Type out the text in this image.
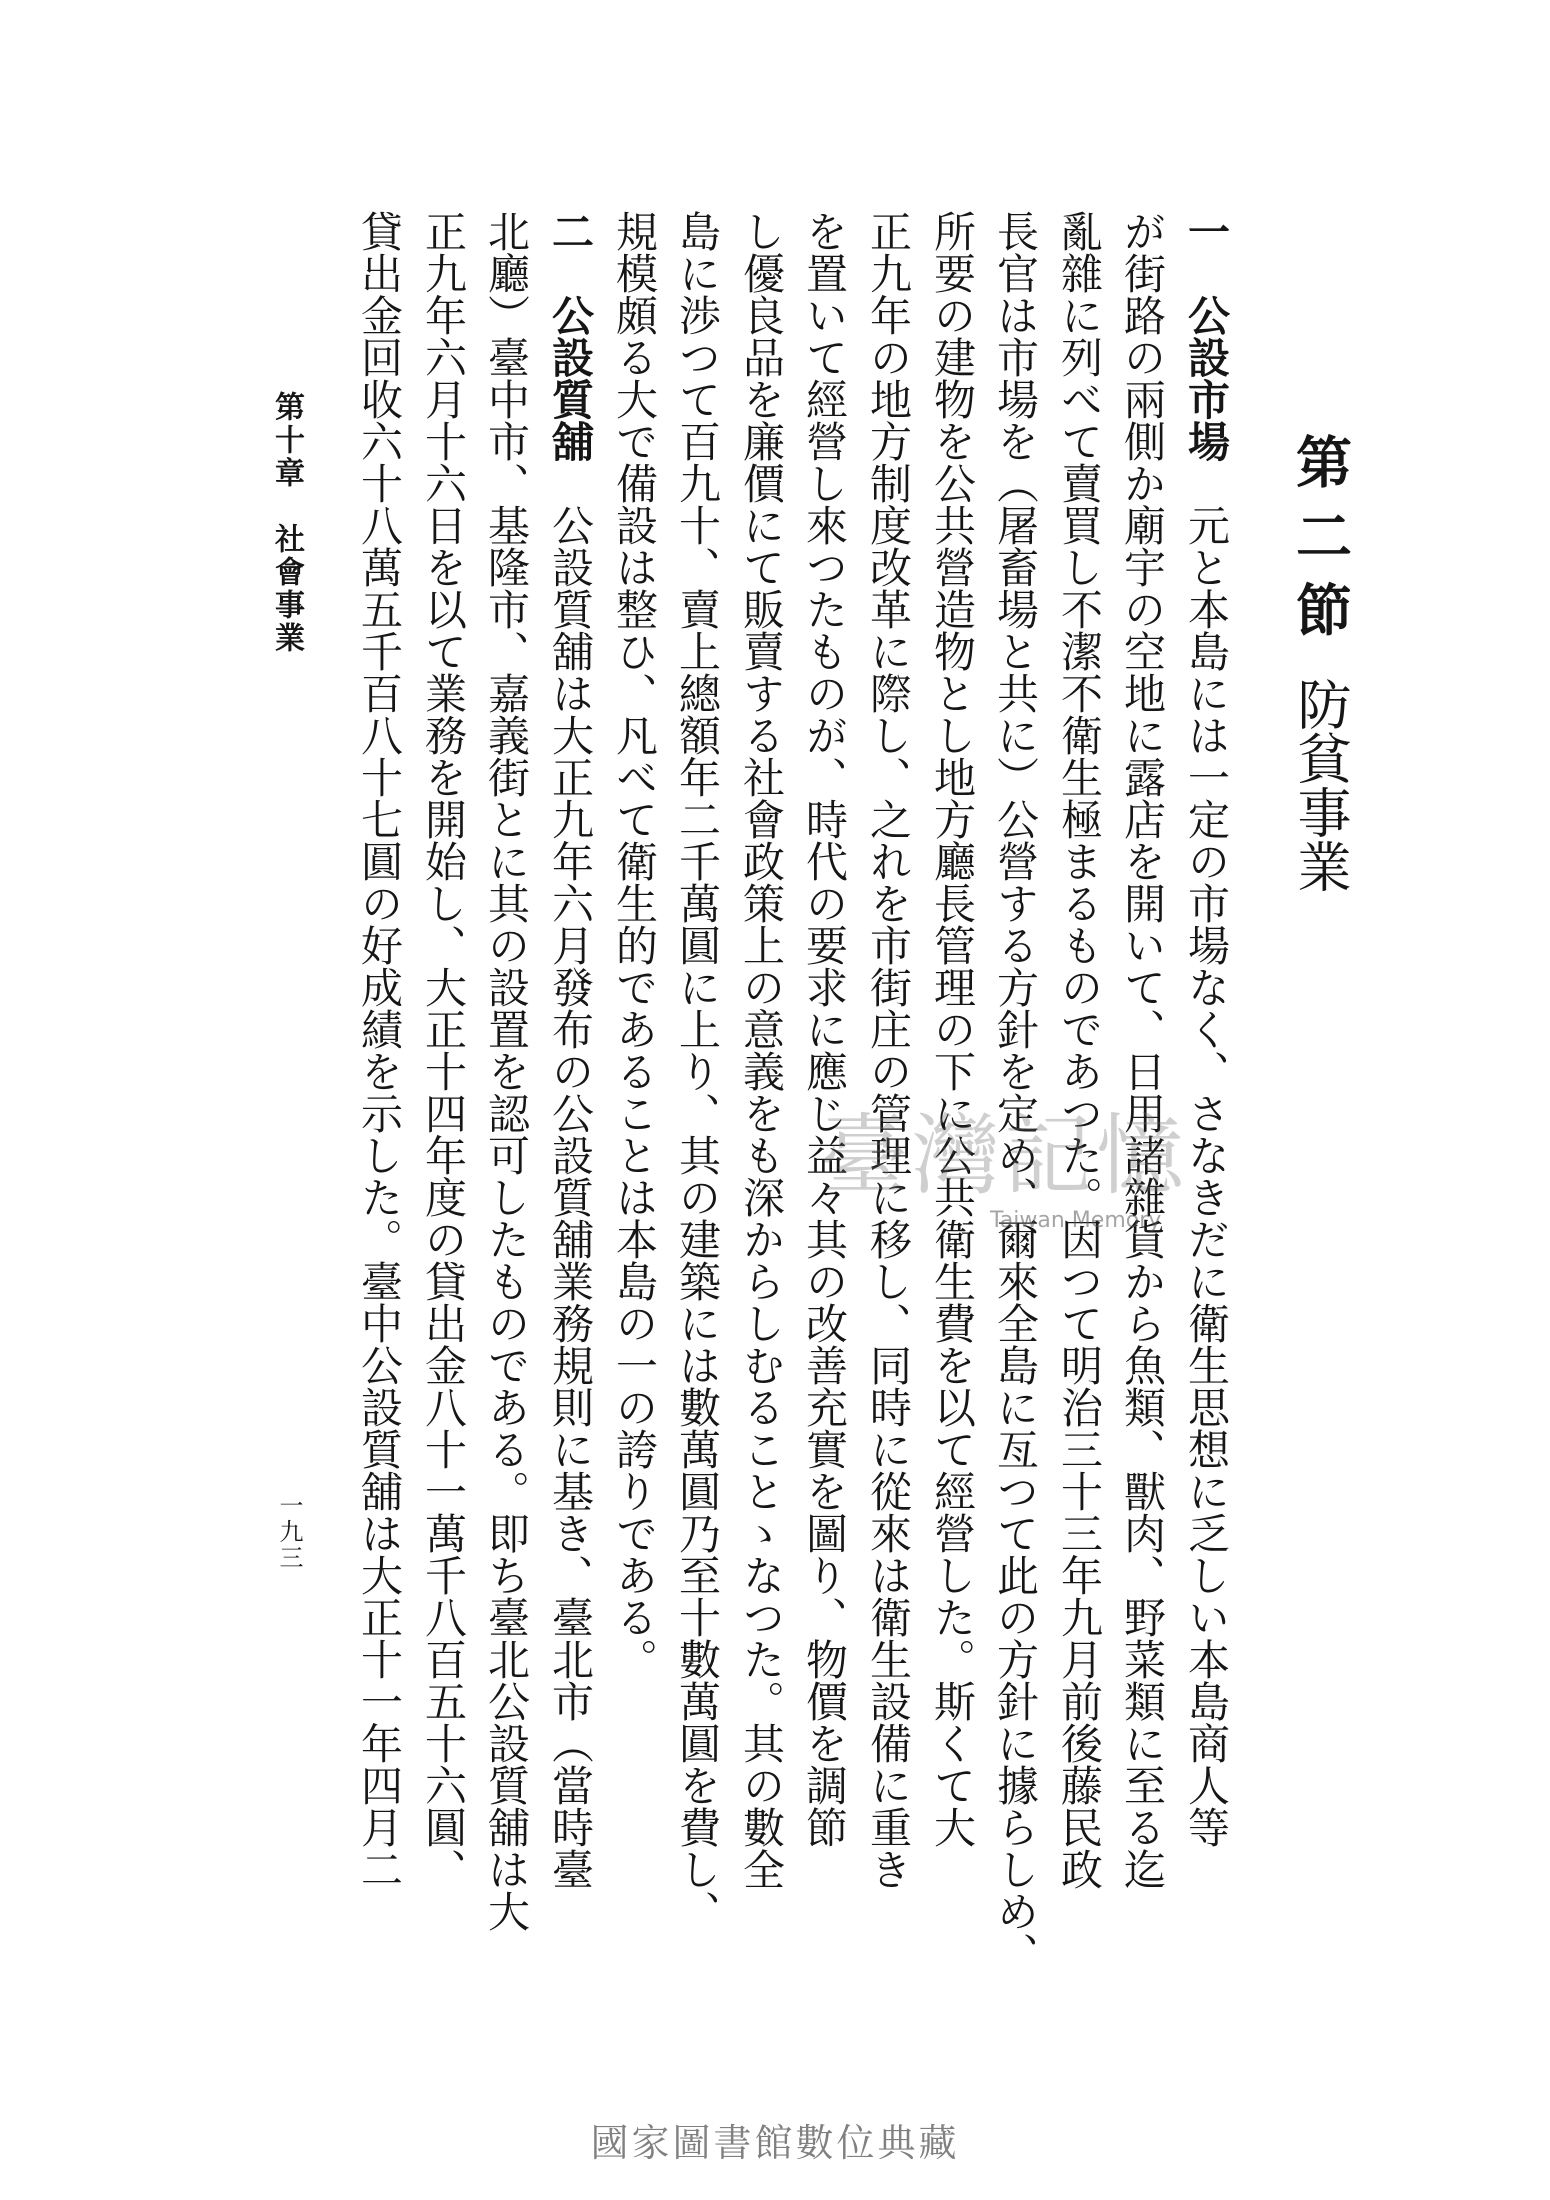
第二節防貧事業
一公設市場元と本島には一定の市場なく、さなきだに衛生思想に乏しい本島商人等
が街路の兩側か廟宇の空地に露店を開いて、日用諸雜貨から魚類、獸肉、野菜類に至る迄
亂雜に列べて賣買し不潔不衛生極まるものであつた。因つて明治三十三年九月前後藤民政
長官は市場を（屠畜場と共に）公營する方針を定め、爾來全島に亙つて此の方針に據らしめ、
所要の建物を公共營造物とし地方廳長管理の下に公共衛生費を以て經營した。斯くて大
正九年の地方制度改革に際し、之れを市街庄の管理に移し、同時に從來は衛生設備に重き
を置いて經營し來つたものが、時代の要求に應じ益々其の改善充實を圖り、物價を調節
し優良品を廉價にて販賣する社會政策上の意義をも深からしむることゝなつた。其の數全
島に渉つて百九十、賣上總額年二千萬圓に上り、其の建築には數萬圓乃至十數萬圓を費し、
規模頗る大で備設は整ひ、凡べて衛生的であることは本島の一の誇りである。
二公設質舖公設質舖は大正九年六月發布の公設質舖業務規則に基き、臺北市（當時臺
北廳）臺中市、基隆市、嘉義街とに其の設置を認可したものである。即ち臺北公設質舖は大
正九年六月十六日を以て業務を開始し、大正十四年度の貸出金八十一萬千八百五十六圓、
貸出金回收六十八萬五千百八十七圓の好成績を示した。臺中公設質舖は大正十一年四月二
第十章　社會事業
一九三
臺灣記憶
Taiwan Memory
國家圖書館數位典藏
